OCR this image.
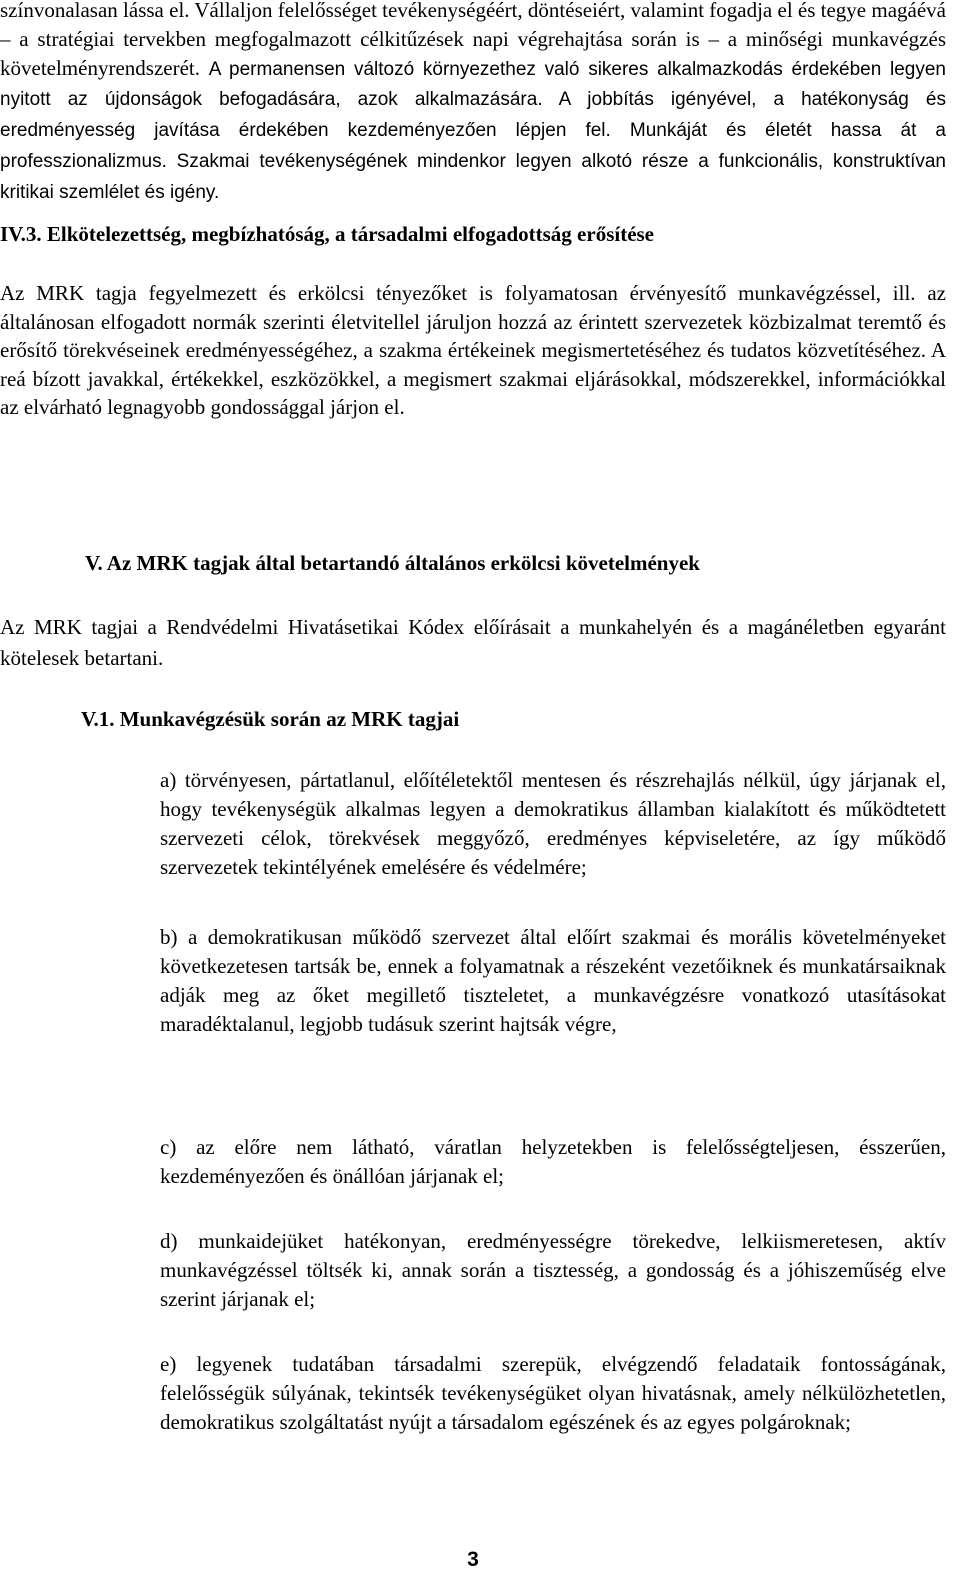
színvonalasan lássa el. Vállaljon felelősséget tevékenységéért, döntéseiért, valamint fogadja el és tegye magáévá – a stratégiai tervekben megfogalmazott célkitűzések napi végrehajtása során is – a minőségi munkavégzés követelményrendszerét. A permanensen változó környezethez való sikeres alkalmazkodás érdekében legyen nyitott az újdonságok befogadására, azok alkalmazására. A jobbítás igényével, a hatékonyság és eredményesség javítása érdekében kezdeményezően lépjen fel. Munkáját és életét hassa át a professzionalizmus. Szakmai tevékenységének mindenkor legyen alkotó része a funkcionális, konstruktívan kritikai szemlélet és igény.

IV.3. Elkötelezettség, megbízhatóság, a társadalmi elfogadottság erősítése

Az MRK tagja fegyelmezett és erkölcsi tényezőket is folyamatosan érvényesítő munkavégzéssel, ill. az általánosan elfogadott normák szerinti életvitellel járuljon hozzá az érintett szervezetek közbizalmat teremtő és erősítő törekvéseinek eredményességéhez, a szakma értékeinek megismertetéséhez és tudatos közvetítéséhez. A reá bízott javakkal, értékekkel, eszközökkel, a megismert szakmai eljárásokkal, módszerekkel, információkkal az elvárható legnagyobb gondossággal járjon el.

V. Az MRK tagjak által betartandó általános erkölcsi követelmények

Az MRK tagjai a Rendvédelmi Hivatásetikai Kódex előírásait a munkahelyén és a magánéletben egyaránt kötelesek betartani.

V.1. Munkavégzésük során az MRK tagjai

a) törvényesen, pártatlanul, előítéletektől mentesen és részrehajlás nélkül, úgy járjanak el, hogy tevékenységük alkalmas legyen a demokratikus államban kialakított és működtetett szervezeti célok, törekvések meggyőző, eredményes képviseletére, az így működő szervezetek tekintélyének emelésére és védelmére;

b) a demokratikusan működő szervezet által előírt szakmai és morális követelményeket következetesen tartsák be, ennek a folyamatnak a részeként vezetőiknek és munkatársaiknak adják meg az őket megillető tiszteletet, a munkavégzésre vonatkozó utasításokat maradéktalanul, legjobb tudásuk szerint hajtsák végre,

c) az előre nem látható, váratlan helyzetekben is felelősségteljesen, ésszerűen, kezdeményezően és önállóan járjanak el;

d) munkaidejüket hatékonyan, eredményességre törekedve, lelkiismeretesen, aktív munkavégzéssel töltsék ki, annak során a tisztesség, a gondosság és a jóhiszeműség elve szerint járjanak el;

e) legyenek tudatában társadalmi szerepük, elvégzendő feladataik fontosságának, felelősségük súlyának, tekintsék tevékenységüket olyan hivatásnak, amely nélkülözhetetlen, demokratikus szolgáltatást nyújt a társadalom egészének és az egyes polgároknak;

3
